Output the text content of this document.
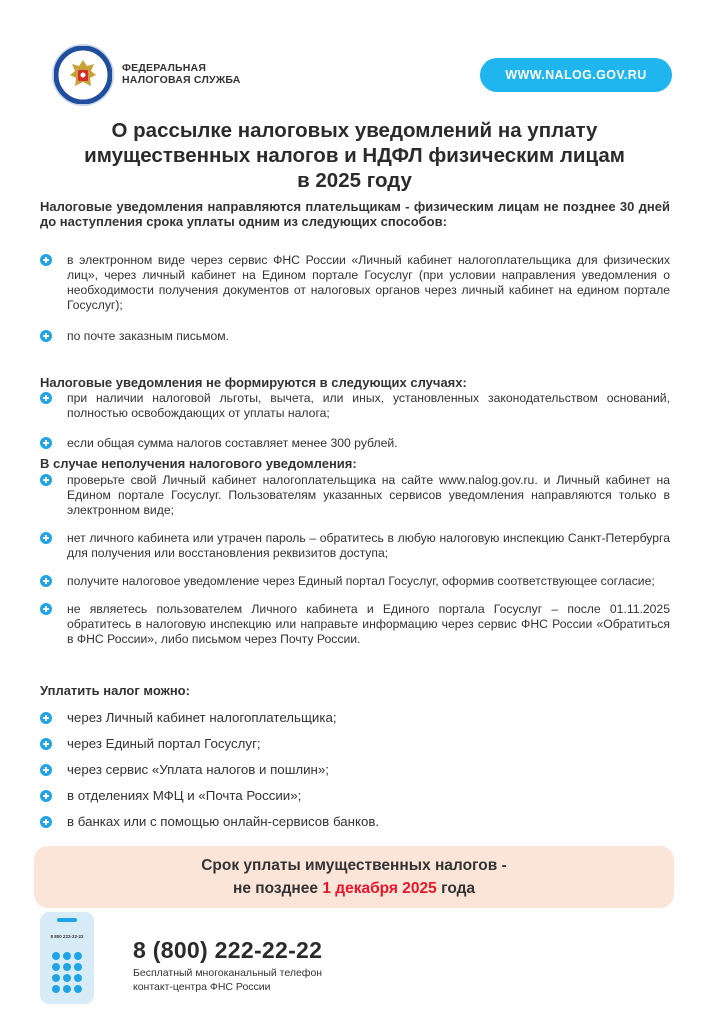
ФЕДЕРАЛЬНАЯ
НАЛОГОВАЯ СЛУЖБА	WWW.NALOG.GOV.RU
О рассылке налоговых уведомлений на уплату
имущественных налогов и НДФЛ физическим лицам
в 2025 году
Налоговые уведомления направляются плательщикам - физическим лицам не позднее 30 дней до наступления срока уплаты одним из следующих способов:
в электронном виде через сервис ФНС России «Личный кабинет налогоплательщика для физических лиц», через личный кабинет на Едином портале Госуслуг (при условии направления уведомления о необходимости получения документов от налоговых органов через личный кабинет на едином портале Госуслуг);
по почте заказным письмом.
Налоговые уведомления не формируются в следующих случаях:
при наличии налоговой льготы, вычета, или иных, установленных законодательством оснований, полностью освобождающих от уплаты налога;
если общая сумма налогов составляет менее 300 рублей.
В случае неполучения налогового уведомления:
проверьте свой Личный кабинет налогоплательщика на сайте www.nalog.gov.ru. и Личный кабинет на Едином портале Госуслуг. Пользователям указанных сервисов уведомления направляются только в электронном виде;
нет личного кабинета или утрачен пароль – обратитесь в любую налоговую инспекцию Санкт-Петербурга для получения или восстановления реквизитов доступа;
получите налоговое уведомление через Единый портал Госуслуг, оформив соответствующее согласие;
не являетесь пользователем Личного кабинета и Единого портала Госуслуг – после 01.11.2025 обратитесь в налоговую инспекцию или направьте информацию через сервис ФНС России «Обратиться в ФНС России», либо письмом через Почту России.
Уплатить налог можно:
через Личный кабинет налогоплательщика;
через Единый портал Госуслуг;
через сервис «Уплата налогов и пошлин»;
в отделениях МФЦ и «Почта России»;
в банках или с помощью онлайн-сервисов банков.
Срок уплаты имущественных налогов -
не позднее 1 декабря 2025 года
8 800 222-22-22
8 (800) 222-22-22
Бесплатный многоканальный телефон
контакт-центра ФНС России
